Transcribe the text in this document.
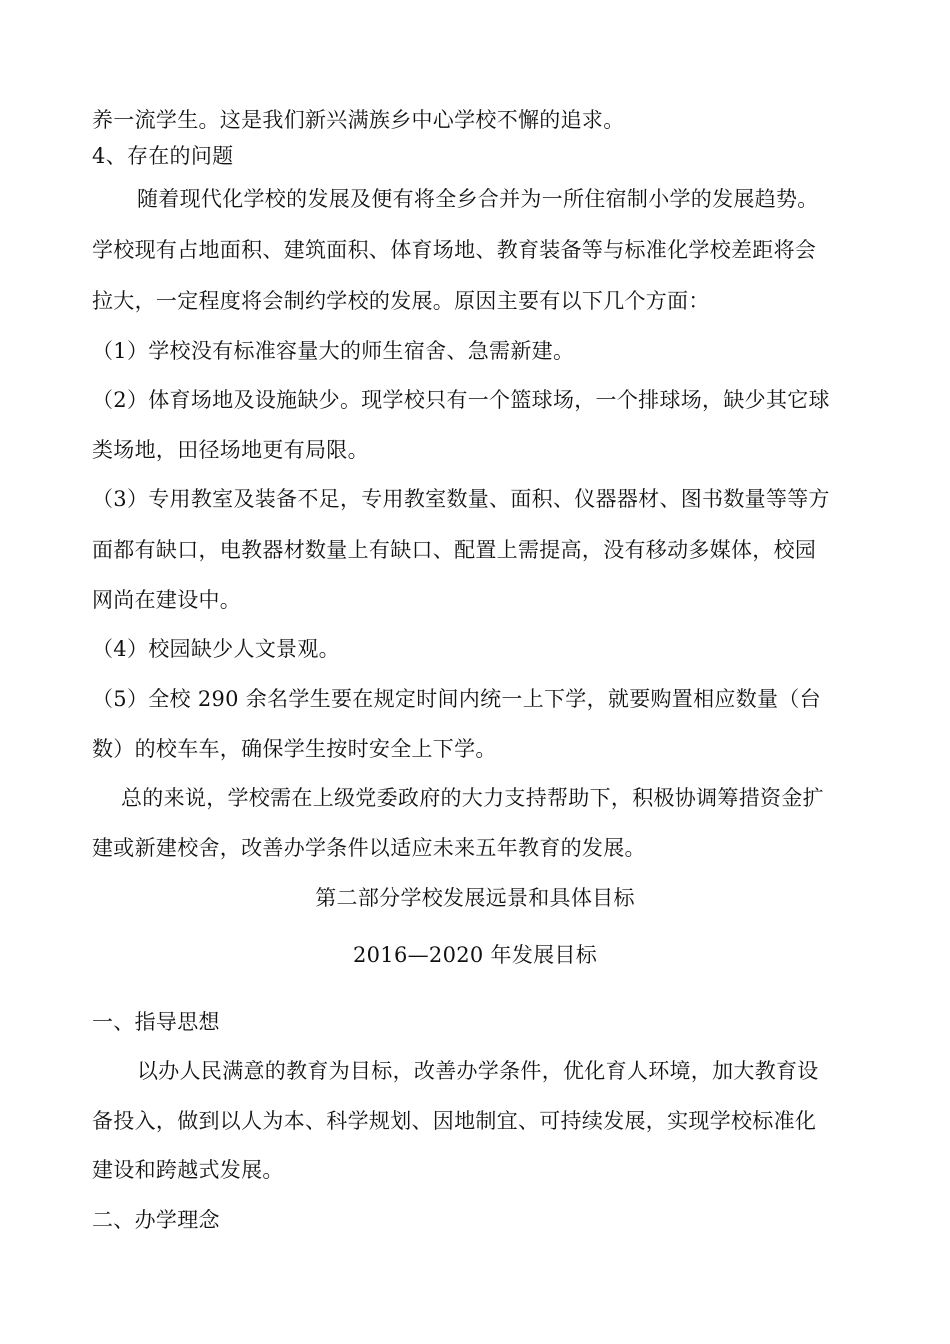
养一流学生。这是我们新兴满族乡中心学校不懈的追求。
4、存在的问题
随着现代化学校的发展及便有将全乡合并为一所住宿制小学的发展趋势。
学校现有占地面积、建筑面积、体育场地、教育装备等与标准化学校差距将会
拉大，一定程度将会制约学校的发展。原因主要有以下几个方面：
（1）学校没有标准容量大的师生宿舍、急需新建。
（2）体育场地及设施缺少。现学校只有一个篮球场，一个排球场，缺少其它球
类场地，田径场地更有局限。
（3）专用教室及装备不足，专用教室数量、面积、仪器器材、图书数量等等方
面都有缺口，电教器材数量上有缺口、配置上需提高，没有移动多媒体，校园
网尚在建设中。
（4）校园缺少人文景观。
（5）全校 290 余名学生要在规定时间内统一上下学，就要购置相应数量（台
数）的校车车，确保学生按时安全上下学。
总的来说，学校需在上级党委政府的大力支持帮助下，积极协调筹措资金扩
建或新建校舍，改善办学条件以适应未来五年教育的发展。
第二部分学校发展远景和具体目标
2016—2020 年发展目标
一、指导思想
以办人民满意的教育为目标，改善办学条件，优化育人环境，加大教育设
备投入，做到以人为本、科学规划、因地制宜、可持续发展，实现学校标准化
建设和跨越式发展。
二、办学理念
